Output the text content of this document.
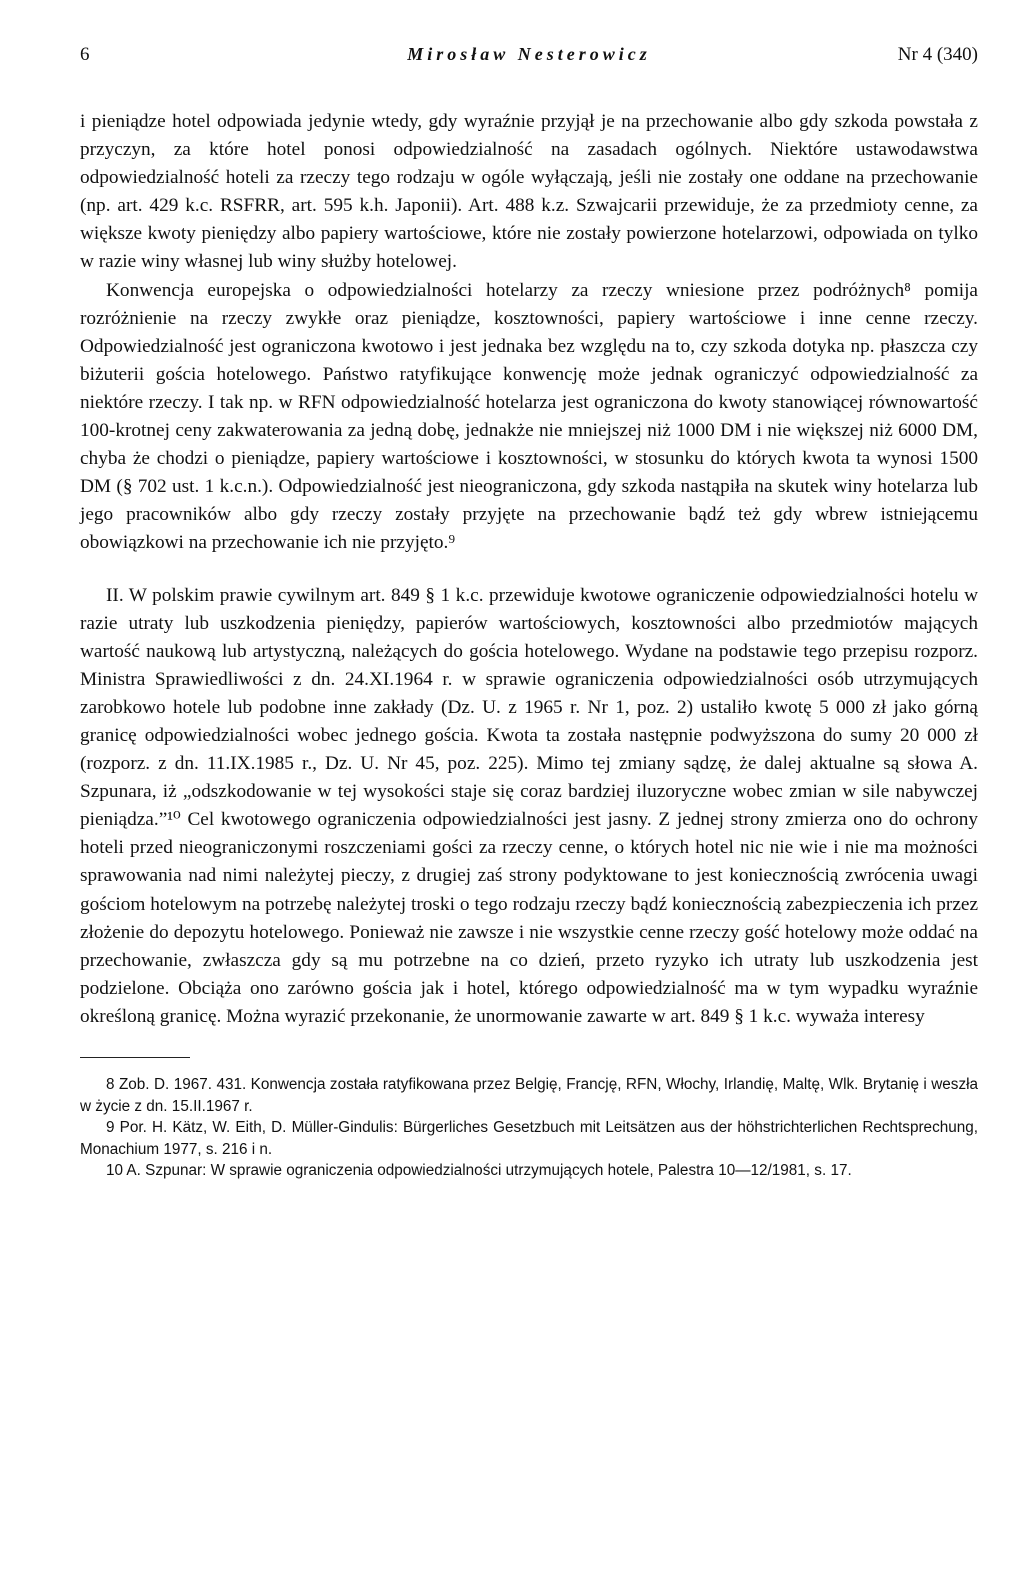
6	Mirosław Nesterowicz	Nr 4 (340)

i pieniądze hotel odpowiada jedynie wtedy, gdy wyraźnie przyjął je na przechowanie albo gdy szkoda powstała z przyczyn, za które hotel ponosi odpowiedzialność na zasadach ogólnych. Niektóre ustawodawstwa odpowiedzialność hoteli za rzeczy tego rodzaju w ogóle wyłączają, jeśli nie zostały one oddane na przechowanie (np. art. 429 k.c. RSFRR, art. 595 k.h. Japonii). Art. 488 k.z. Szwajcarii przewiduje, że za przedmioty cenne, za większe kwoty pieniędzy albo papiery wartościowe, które nie zostały powierzone hotelarzowi, odpowiada on tylko w razie winy własnej lub winy służby hotelowej.

Konwencja europejska o odpowiedzialności hotelarzy za rzeczy wniesione przez podróżnych⁸ pomija rozróżnienie na rzeczy zwykłe oraz pieniądze, kosztowności, papiery wartościowe i inne cenne rzeczy. Odpowiedzialność jest ograniczona kwotowo i jest jednaka bez względu na to, czy szkoda dotyka np. płaszcza czy biżuterii gościa hotelowego. Państwo ratyfikujące konwencję może jednak ograniczyć odpowiedzialność za niektóre rzeczy. I tak np. w RFN odpowiedzialność hotelarza jest ograniczona do kwoty stanowiącej równowartość 100-krotnej ceny zakwaterowania za jedną dobę, jednakże nie mniejszej niż 1000 DM i nie większej niż 6000 DM, chyba że chodzi o pieniądze, papiery wartościowe i kosztowności, w stosunku do których kwota ta wynosi 1500 DM (§ 702 ust. 1 k.c.n.). Odpowiedzialność jest nieograniczona, gdy szkoda nastąpiła na skutek winy hotelarza lub jego pracowników albo gdy rzeczy zostały przyjęte na przechowanie bądź też gdy wbrew istniejącemu obowiązkowi na przechowanie ich nie przyjęto.⁹

II. W polskim prawie cywilnym art. 849 § 1 k.c. przewiduje kwotowe ograniczenie odpowiedzialności hotelu w razie utraty lub uszkodzenia pieniędzy, papierów wartościowych, kosztowności albo przedmiotów mających wartość naukową lub artystyczną, należących do gościa hotelowego. Wydane na podstawie tego przepisu rozporz. Ministra Sprawiedliwości z dn. 24.XI.1964 r. w sprawie ograniczenia odpowiedzialności osób utrzymujących zarobkowo hotele lub podobne inne zakłady (Dz. U. z 1965 r. Nr 1, poz. 2) ustaliło kwotę 5 000 zł jako górną granicę odpowiedzialności wobec jednego gościa. Kwota ta została następnie podwyższona do sumy 20 000 zł (rozporz. z dn. 11.IX.1985 r., Dz. U. Nr 45, poz. 225). Mimo tej zmiany sądzę, że dalej aktualne są słowa A. Szpunara, iż „odszkodowanie w tej wysokości staje się coraz bardziej iluzoryczne wobec zmian w sile nabywczej pieniądza.”¹⁰ Cel kwotowego ograniczenia odpowiedzialności jest jasny. Z jednej strony zmierza ono do ochrony hoteli przed nieograniczonymi roszczeniami gości za rzeczy cenne, o których hotel nic nie wie i nie ma możności sprawowania nad nimi należytej pieczy, z drugiej zaś strony podyktowane to jest koniecznością zwrócenia uwagi gościom hotelowym na potrzebę należytej troski o tego rodzaju rzeczy bądź koniecznością zabezpieczenia ich przez złożenie do depozytu hotelowego. Ponieważ nie zawsze i nie wszystkie cenne rzeczy gość hotelowy może oddać na przechowanie, zwłaszcza gdy są mu potrzebne na co dzień, przeto ryzyko ich utraty lub uszkodzenia jest podzielone. Obciąża ono zarówno gościa jak i hotel, którego odpowiedzialność ma w tym wypadku wyraźnie określoną granicę. Można wyrazić przekonanie, że unormowanie zawarte w art. 849 § 1 k.c. wyważa interesy

8 Zob. D. 1967. 431. Konwencja została ratyfikowana przez Belgię, Francję, RFN, Włochy, Irlandię, Maltę, Wlk. Brytanię i weszła w życie z dn. 15.II.1967 r.

9 Por. H. Kätz, W. Eith, D. Müller-Gindulis: Bürgerliches Gesetzbuch mit Leitsätzen aus der höhstrichterlichen Rechtsprechung, Monachium 1977, s. 216 i n.

10 A. Szpunar: W sprawie ograniczenia odpowiedzialności utrzymujących hotele, Palestra 10—12/1981, s. 17.
